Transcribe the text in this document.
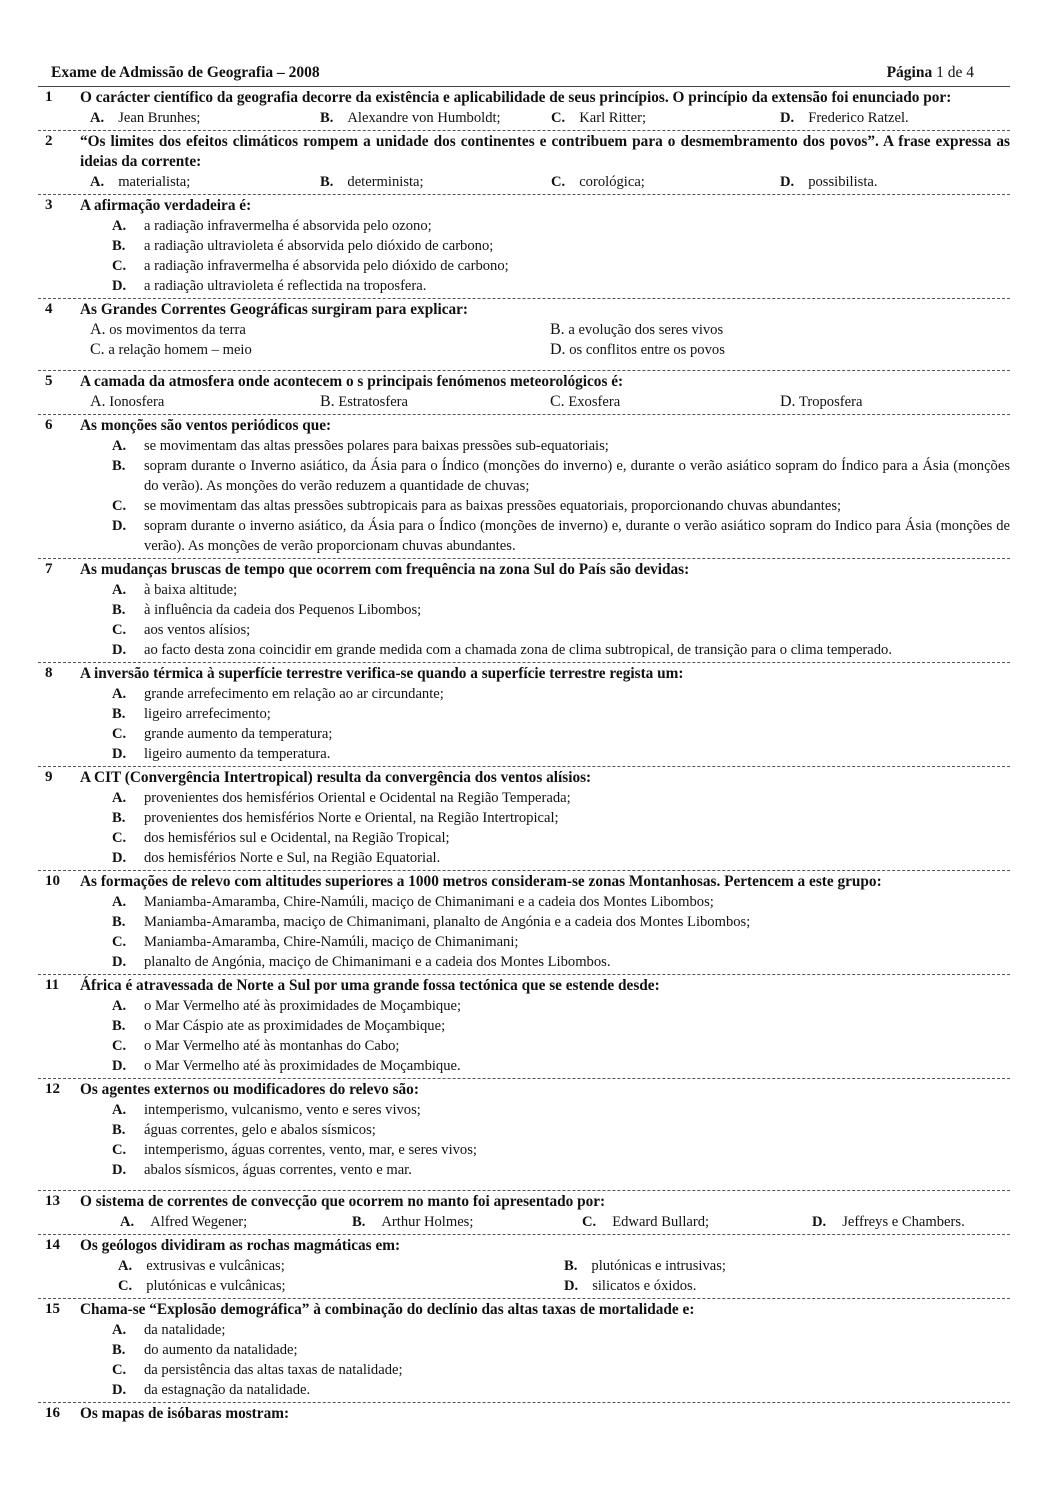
Exame de Admissão de Geografia – 2008	Página 1 de 4
1 O carácter científico da geografia decorre da existência e aplicabilidade de seus princípios. O princípio da extensão foi enunciado por:
A. Jean Brunhes;	B. Alexandre von Humboldt;	C. Karl Ritter;	D. Frederico Ratzel.
2 “Os limites dos efeitos climáticos rompem a unidade dos continentes e contribuem para o desmembramento dos povos”. A frase expressa as ideias da corrente:
A. materialista;	B. determinista;	C. corológica;	D. possibilista.
3 A afirmação verdadeira é:
A. a radiação infravermelha é absorvida pelo ozono;
B. a radiação ultravioleta é absorvida pelo dióxido de carbono;
C. a radiação infravermelha é absorvida pelo dióxido de carbono;
D. a radiação ultravioleta é reflectida na troposfera.
4 As Grandes Correntes Geográficas surgiram para explicar:
A. os movimentos da terra	B. a evolução dos seres vivos
C. a relação homem – meio	D. os conflitos entre os povos
5 A camada da atmosfera onde acontecem o s principais fenómenos meteorológicos é:
A. Ionosfera	B. Estratosfera	C. Exosfera	D. Troposfera
6 As monções são ventos periódicos que:
A. se movimentam das altas pressões polares para baixas pressões sub-equatoriais;
B. sopram durante o Inverno asiático, da Ásia para o Índico (monções do inverno) e, durante o verão asiático sopram do Índico para a Ásia (monções do verão). As monções do verão reduzem a quantidade de chuvas;
C. se movimentam das altas pressões subtropicais para as baixas pressões equatoriais, proporcionando chuvas abundantes;
D. sopram durante o inverno asiático, da Ásia para o Índico (monções de inverno) e, durante o verão asiático sopram do Indico para Ásia (monções de verão). As monções de verão proporcionam chuvas abundantes.
7 As mudanças bruscas de tempo que ocorrem com frequência na zona Sul do País são devidas:
A. à baixa altitude;
B. à influência da cadeia dos Pequenos Libombos;
C. aos ventos alísios;
D. ao facto desta zona coincidir em grande medida com a chamada zona de clima subtropical, de transição para o clima temperado.
8 A inversão térmica à superfície terrestre verifica-se quando a superfície terrestre regista um:
A. grande arrefecimento em relação ao ar circundante;
B. ligeiro arrefecimento;
C. grande aumento da temperatura;
D. ligeiro aumento da temperatura.
9 A CIT (Convergência Intertropical) resulta da convergência dos ventos alísios:
A. provenientes dos hemisférios Oriental e Ocidental na Região Temperada;
B. provenientes dos hemisférios Norte e Oriental, na Região Intertropical;
C. dos hemisférios sul e Ocidental, na Região Tropical;
D. dos hemisférios Norte e Sul, na Região Equatorial.
10 As formações de relevo com altitudes superiores a 1000 metros consideram-se zonas Montanhosas. Pertencem a este grupo:
A. Maniamba-Amaramba, Chire-Namúli, maciço de Chimanimani e a cadeia dos Montes Libombos;
B. Maniamba-Amaramba, maciço de Chimanimani, planalto de Angónia e a cadeia dos Montes Libombos;
C. Maniamba-Amaramba, Chire-Namúli, maciço de Chimanimani;
D. planalto de Angónia, maciço de Chimanimani e a cadeia dos Montes Libombos.
11 África é atravessada de Norte a Sul por uma grande fossa tectónica que se estende desde:
A. o Mar Vermelho até às proximidades de Moçambique;
B. o Mar Cáspio ate as proximidades de Moçambique;
C. o Mar Vermelho até às montanhas do Cabo;
D. o Mar Vermelho até às proximidades de Moçambique.
12 Os agentes externos ou modificadores do relevo são:
A. intemperismo, vulcanismo, vento e seres vivos;
B. águas correntes, gelo e abalos sísmicos;
C. intemperismo, águas correntes, vento, mar, e seres vivos;
D. abalos sísmicos, águas correntes, vento e mar.
13 O sistema de correntes de convecção que ocorrem no manto foi apresentado por:
A. Alfred Wegener;	B. Arthur Holmes;	C. Edward Bullard;	D. Jeffreys e Chambers.
14 Os geólogos dividiram as rochas magmáticas em:
A. extrusivas e vulcânicas;	B. plutónicas e intrusivas;
C. plutónicas e vulcânicas;	D. silicatos e óxidos.
15 Chama-se “Explosão demográfica” à combinação do declínio das altas taxas de mortalidade e:
A. da natalidade;
B. do aumento da natalidade;
C. da persistência das altas taxas de natalidade;
D. da estagnação da natalidade.
16 Os mapas de isóbaras mostram:
